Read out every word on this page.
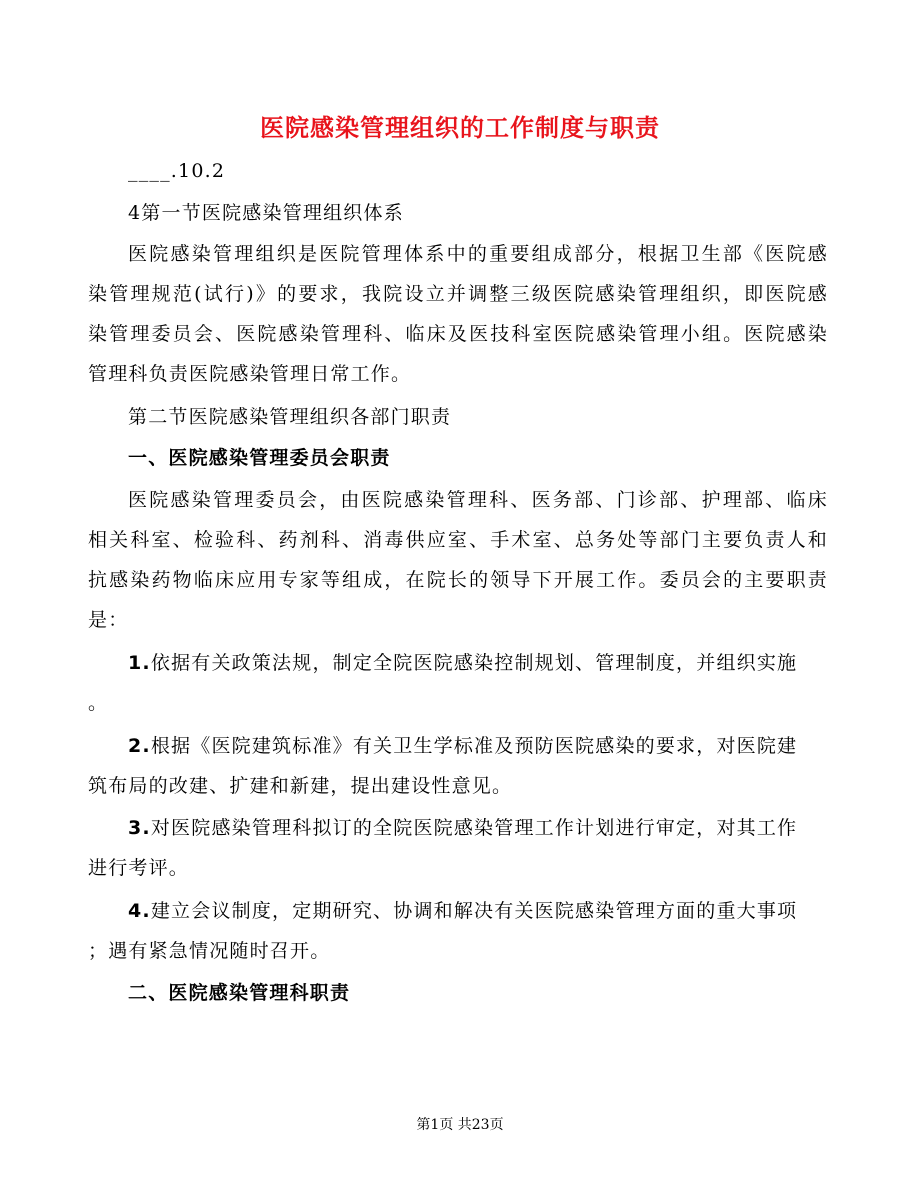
医院感染管理组织的工作制度与职责
____.10.2
4第一节医院感染管理组织体系
医院感染管理组织是医院管理体系中的重要组成部分，根据卫生部《医院感
染管理规范(试行)》的要求，我院设立并调整三级医院感染管理组织，即医院感
染管理委员会、医院感染管理科、临床及医技科室医院感染管理小组。医院感染
管理科负责医院感染管理日常工作。
第二节医院感染管理组织各部门职责
一、医院感染管理委员会职责
医院感染管理委员会，由医院感染管理科、医务部、门诊部、护理部、临床
相关科室、检验科、药剂科、消毒供应室、手术室、总务处等部门主要负责人和
抗感染药物临床应用专家等组成，在院长的领导下开展工作。委员会的主要职责
是：
1.依据有关政策法规，制定全院医院感染控制规划、管理制度，并组织实施
。
2.根据《医院建筑标准》有关卫生学标准及预防医院感染的要求，对医院建
筑布局的改建、扩建和新建，提出建设性意见。
3.对医院感染管理科拟订的全院医院感染管理工作计划进行审定，对其工作
进行考评。
4.建立会议制度，定期研究、协调和解决有关医院感染管理方面的重大事项
；遇有紧急情况随时召开。
二、医院感染管理科职责
第1页 共23页
